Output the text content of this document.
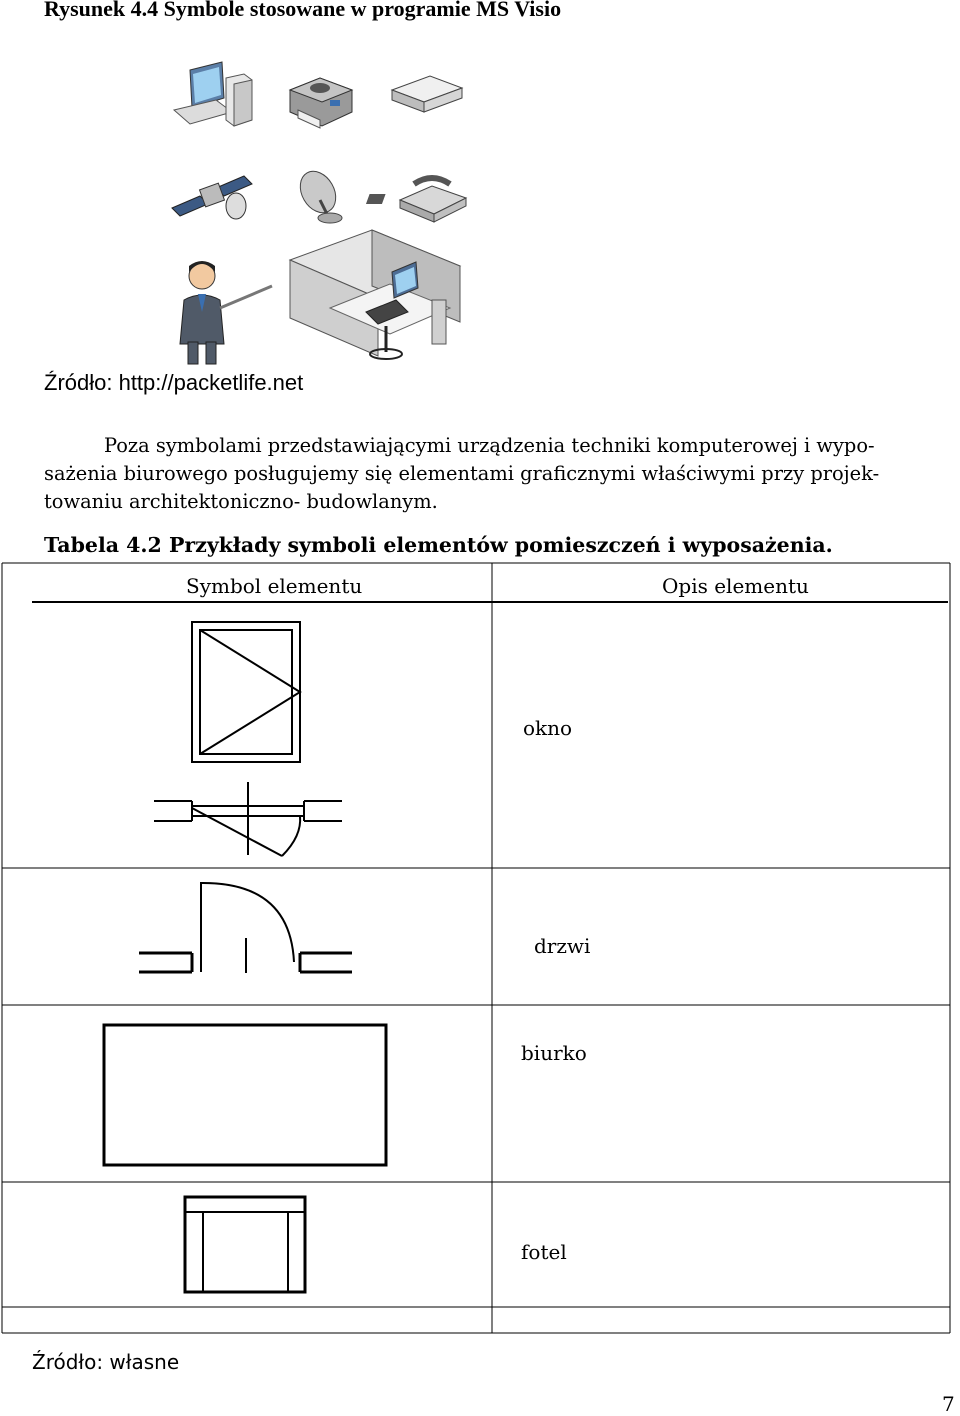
Rysunek 4.4 Symbole stosowane w programie MS Visio
Źródło: http://packetlife.net
Poza symbolami przedstawiającymi urządzenia techniki komputerowej i wypo-
sażenia biurowego posługujemy się elementami graficznymi właściwymi przy projek-
towaniu architektoniczno- budowlanym.
Tabela 4.2 Przykłady symboli elementów pomieszczeń i wyposażenia.
Symbol elementu	Opis elementu
okno
drzwi
biurko
fotel
Źródło: własne
7
